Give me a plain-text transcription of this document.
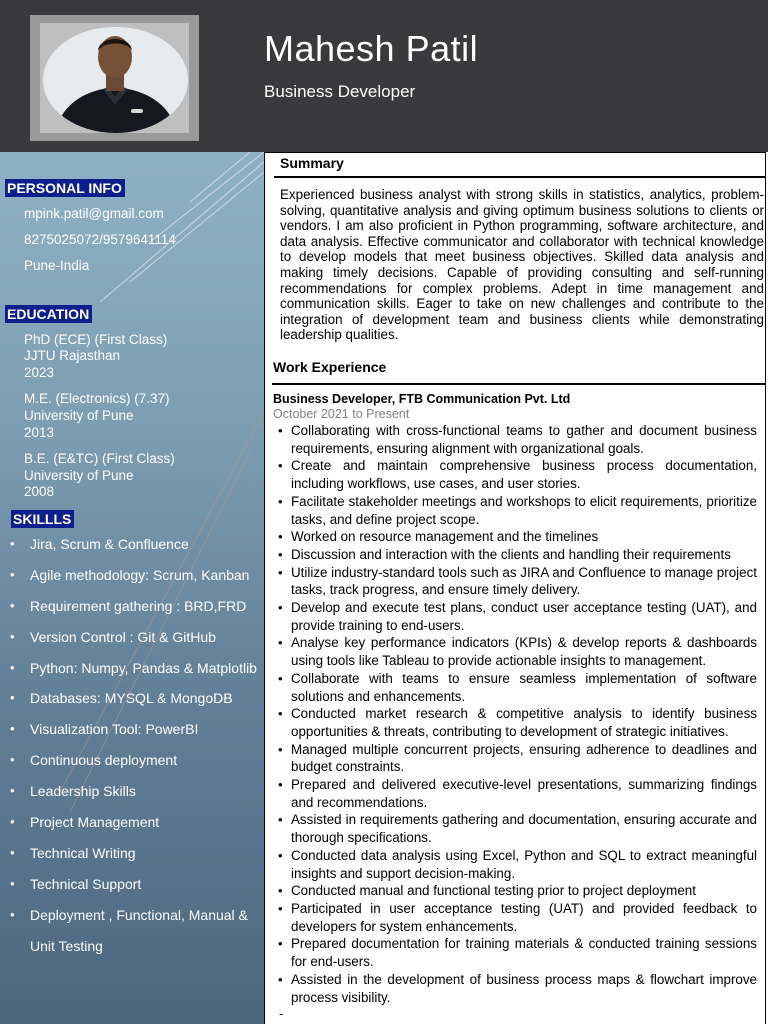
Mahesh Patil
Business Developer
PERSONAL INFO
mpink.patil@gmail.com
8275025072/9579641114
Pune-India
EDUCATION
PhD (ECE) (First Class)
JJTU Rajasthan
2023
M.E. (Electronics) (7.37)
University of Pune
2013
B.E. (E&TC) (First Class)
University of Pune
2008
SKILLLS
• Jira, Scrum & Confluence
• Agile methodology: Scrum, Kanban
• Requirement gathering : BRD,FRD
• Version Control : Git & GitHub
• Python: Numpy, Pandas & Matplotlib
• Databases: MYSQL & MongoDB
• Visualization Tool: PowerBI
• Continuous deployment
• Leadership Skills
• Project Management
• Technical Writing
• Technical Support
• Deployment , Functional, Manual &
Unit Testing
Summary
Experienced business analyst with strong skills in statistics, analytics, problem-solving, quantitative analysis and giving optimum business solutions to clients or vendors. I am also proficient in Python programming, software architecture, and data analysis. Effective communicator and collaborator with technical knowledge to develop models that meet business objectives. Skilled data analysis and making timely decisions. Capable of providing consulting and self-running recommendations for complex problems. Adept in time management and communication skills. Eager to take on new challenges and contribute to the integration of development team and business clients while demonstrating leadership qualities.
Work Experience
Business Developer, FTB Communication Pvt. Ltd
October 2021 to Present
• Collaborating with cross-functional teams to gather and document business requirements, ensuring alignment with organizational goals.
• Create and maintain comprehensive business process documentation, including workflows, use cases, and user stories.
• Facilitate stakeholder meetings and workshops to elicit requirements, prioritize tasks, and define project scope.
• Worked on resource management and the timelines
• Discussion and interaction with the clients and handling their requirements
• Utilize industry-standard tools such as JIRA and Confluence to manage project tasks, track progress, and ensure timely delivery.
• Develop and execute test plans, conduct user acceptance testing (UAT), and provide training to end-users.
• Analyse key performance indicators (KPIs) & develop reports & dashboards using tools like Tableau to provide actionable insights to management.
• Collaborate with teams to ensure seamless implementation of software solutions and enhancements.
• Conducted market research & competitive analysis to identify business opportunities & threats, contributing to development of strategic initiatives.
• Managed multiple concurrent projects, ensuring adherence to deadlines and budget constraints.
• Prepared and delivered executive-level presentations, summarizing findings and recommendations.
• Assisted in requirements gathering and documentation, ensuring accurate and thorough specifications.
• Conducted data analysis using Excel, Python and SQL to extract meaningful insights and support decision-making.
• Conducted manual and functional testing prior to project deployment
• Participated in user acceptance testing (UAT) and provided feedback to developers for system enhancements.
• Prepared documentation for training materials & conducted training sessions for end-users.
• Assisted in the development of business process maps & flowchart improve process visibility.
-
